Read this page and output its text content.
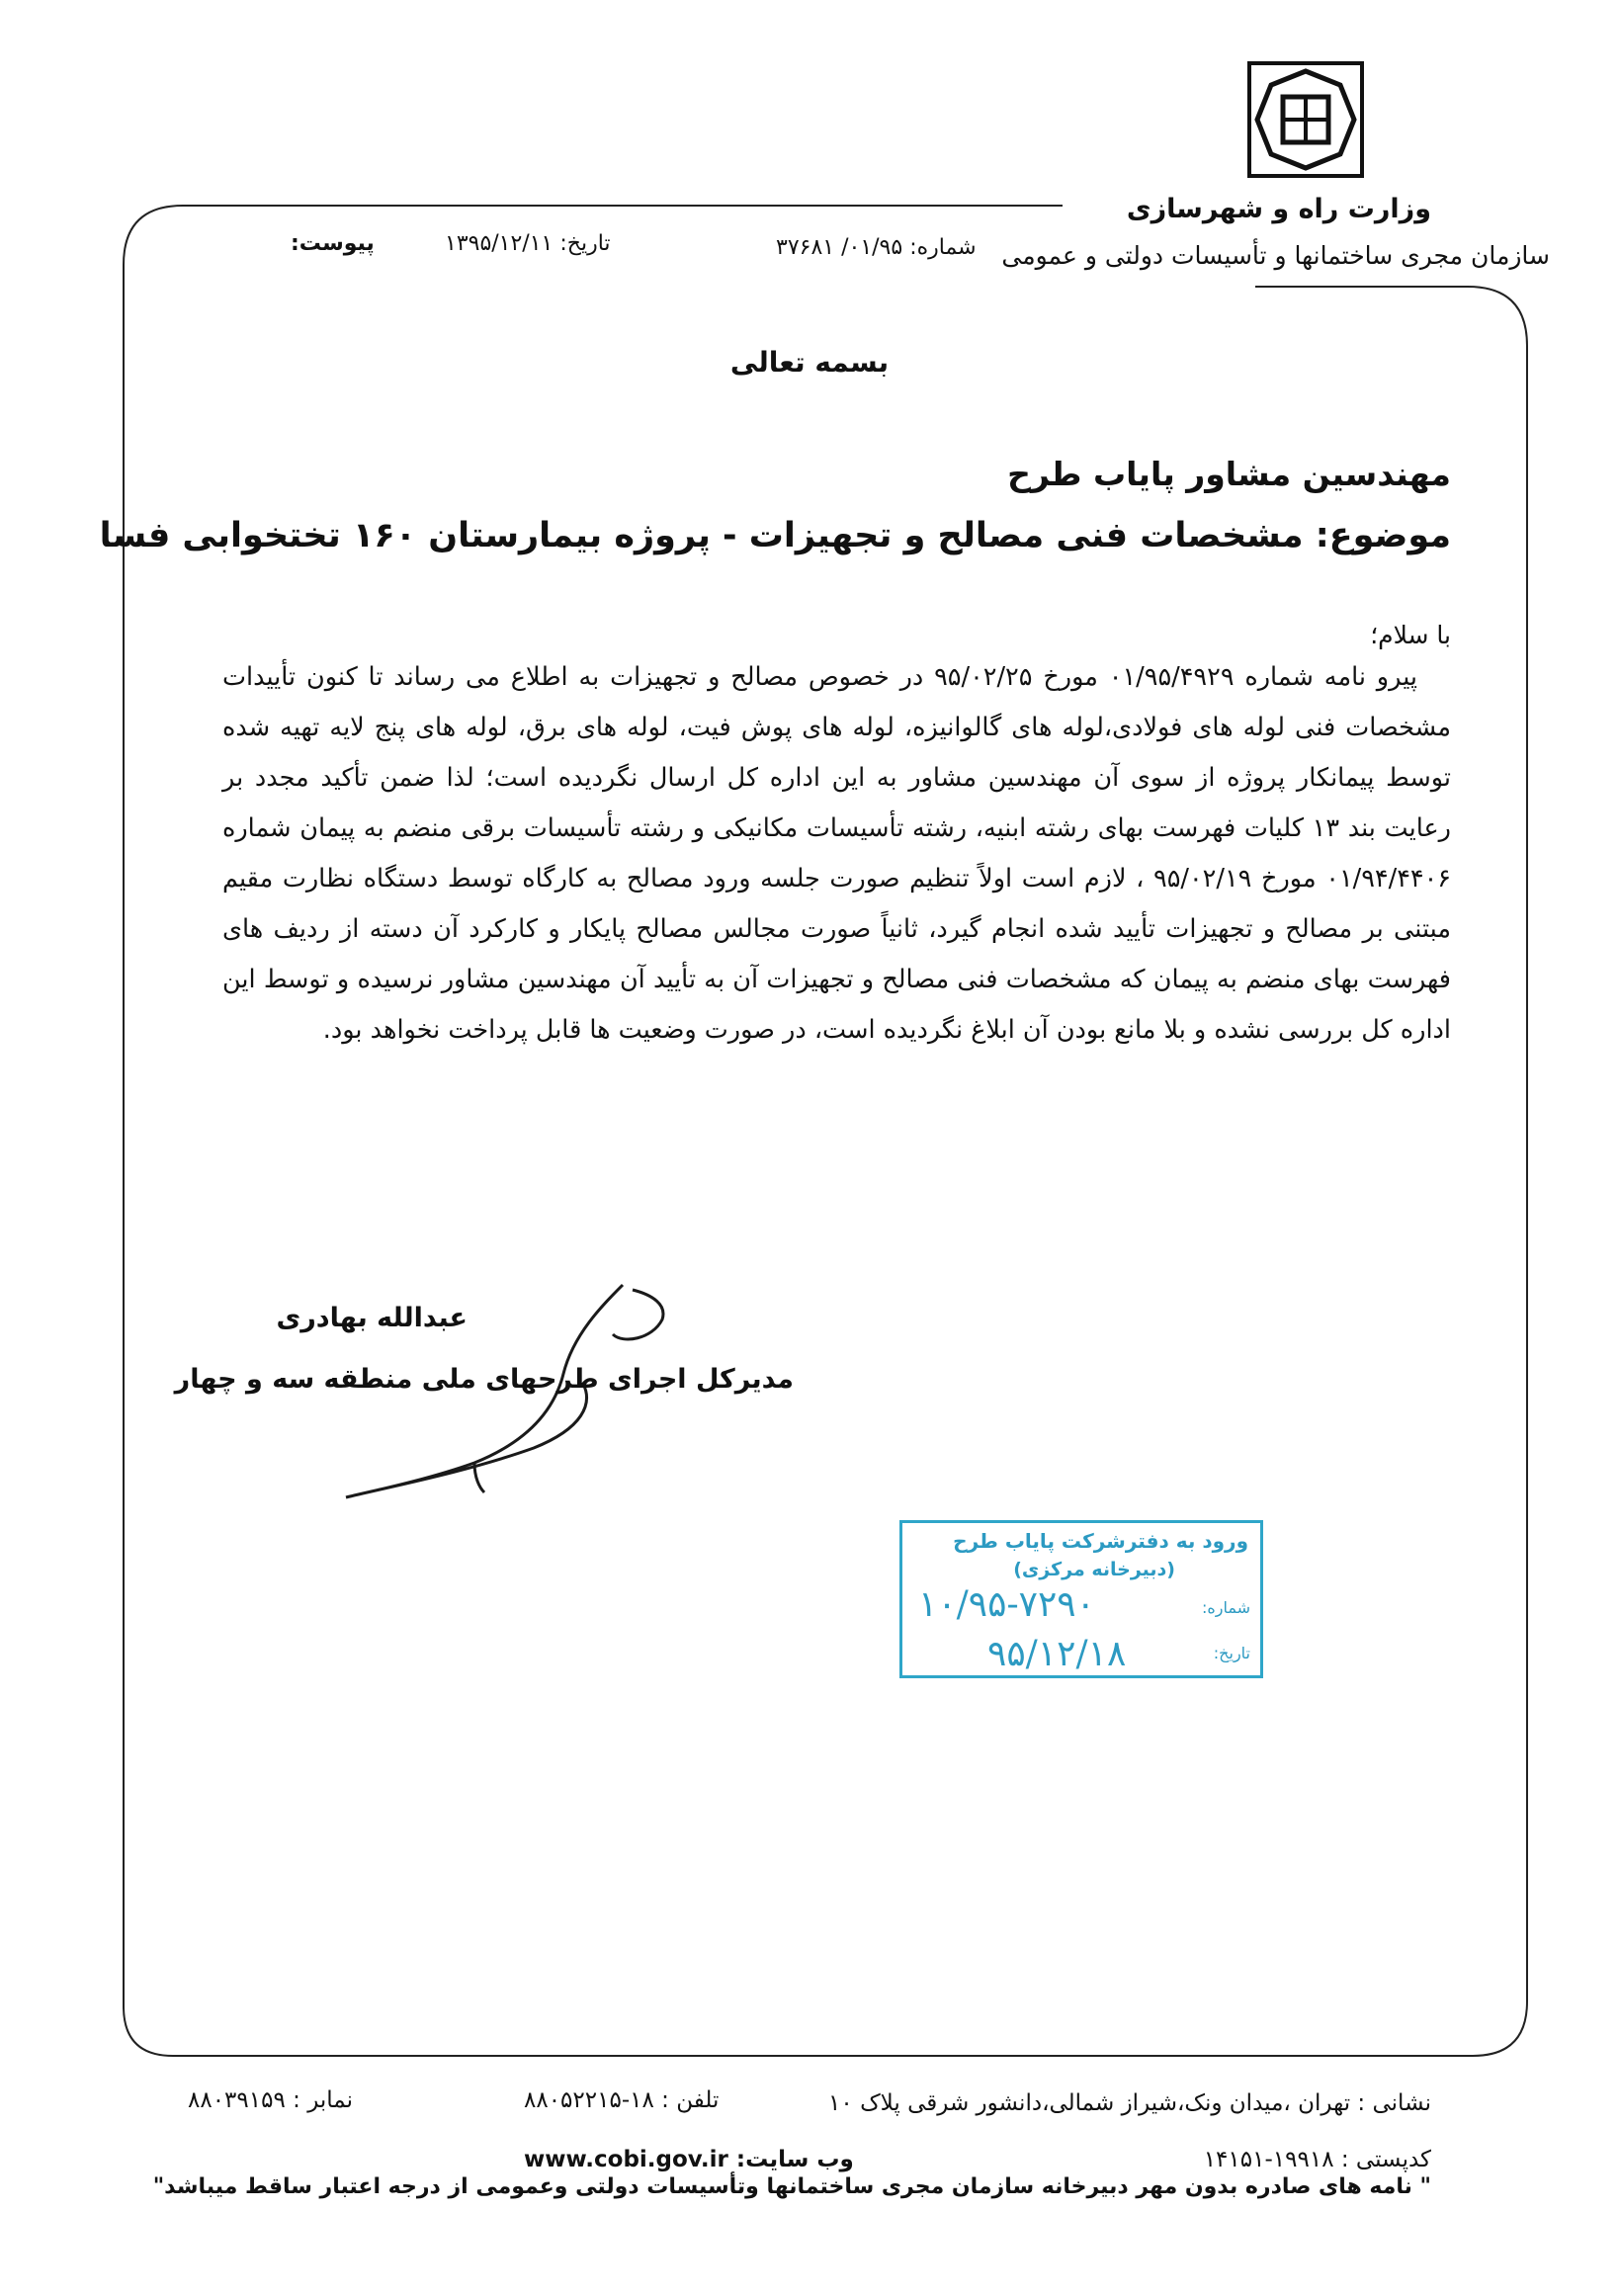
وزارت راه و شهرسازی
سازمان مجری ساختمانها و تأسیسات دولتی و عمومی
شماره: ۰۱/۹۵/ ۳۷۶۸۱
تاریخ: ۱۳۹۵/۱۲/۱۱
پیوست:
بسمه تعالی
مهندسین مشاور پایاب طرح
موضوع: مشخصات فنی مصالح و تجهیزات - پروژه بیمارستان ۱۶۰ تختخوابی فسا
با سلام؛

پیرو نامه شماره ۰۱/۹۵/۴۹۲۹ مورخ ۹۵/۰۲/۲۵ در خصوص مصالح و تجهیزات به اطلاع می رساند تا کنون تأییدات مشخصات فنی لوله های فولادی،لوله های گالوانیزه، لوله های پوش فیت، لوله های برق، لوله های پنج لایه تهیه شده توسط پیمانکار پروژه از سوی آن مهندسین مشاور به این اداره کل ارسال نگردیده است؛ لذا ضمن تأکید مجدد بر رعایت بند ۱۳ کلیات فهرست بهای رشته ابنیه، رشته تأسیسات مکانیکی و رشته تأسیسات برقی منضم به پیمان شماره ۰۱/۹۴/۴۴۰۶ مورخ ۹۵/۰۲/۱۹ ، لازم است اولاً تنظیم صورت جلسه ورود مصالح به کارگاه توسط دستگاه نظارت مقیم مبتنی بر مصالح و تجهیزات تأیید شده انجام گیرد، ثانیاً صورت مجالس مصالح پایکار و کارکرد آن دسته از ردیف های فهرست بهای منضم به پیمان که مشخصات فنی مصالح و تجهیزات آن به تأیید آن مهندسین مشاور نرسیده و توسط این اداره کل بررسی نشده و بلا مانع بودن آن ابلاغ نگردیده است، در صورت وضعیت ها قابل پرداخت نخواهد بود.

عبدالله بهادری
مدیرکل اجرای طرحهای ملی منطقه سه و چهار
ورود به دفترشرکت پایاب طرح
(دبیرخانه مرکزی)
شماره:
۱۰/۹۵-۷۲۹۰
تاریخ:
۹۵/۱۲/۱۸
نشانی : تهران ،میدان ونک،شیراز شمالی،دانشور شرقی پلاک ۱۰
تلفن : ۱۸-۸۸۰۵۲۲۱۵
نمابر : ۸۸۰۳۹۱۵۹
کدپستی : ۱۹۹۱۸-۱۴۱۵۱
www.cobi.gov.ir وب سایت:
" نامه های صادره بدون مهر دبیرخانه سازمان مجری ساختمانها وتأسیسات دولتی وعمومی از درجه اعتبار ساقط میباشد"
